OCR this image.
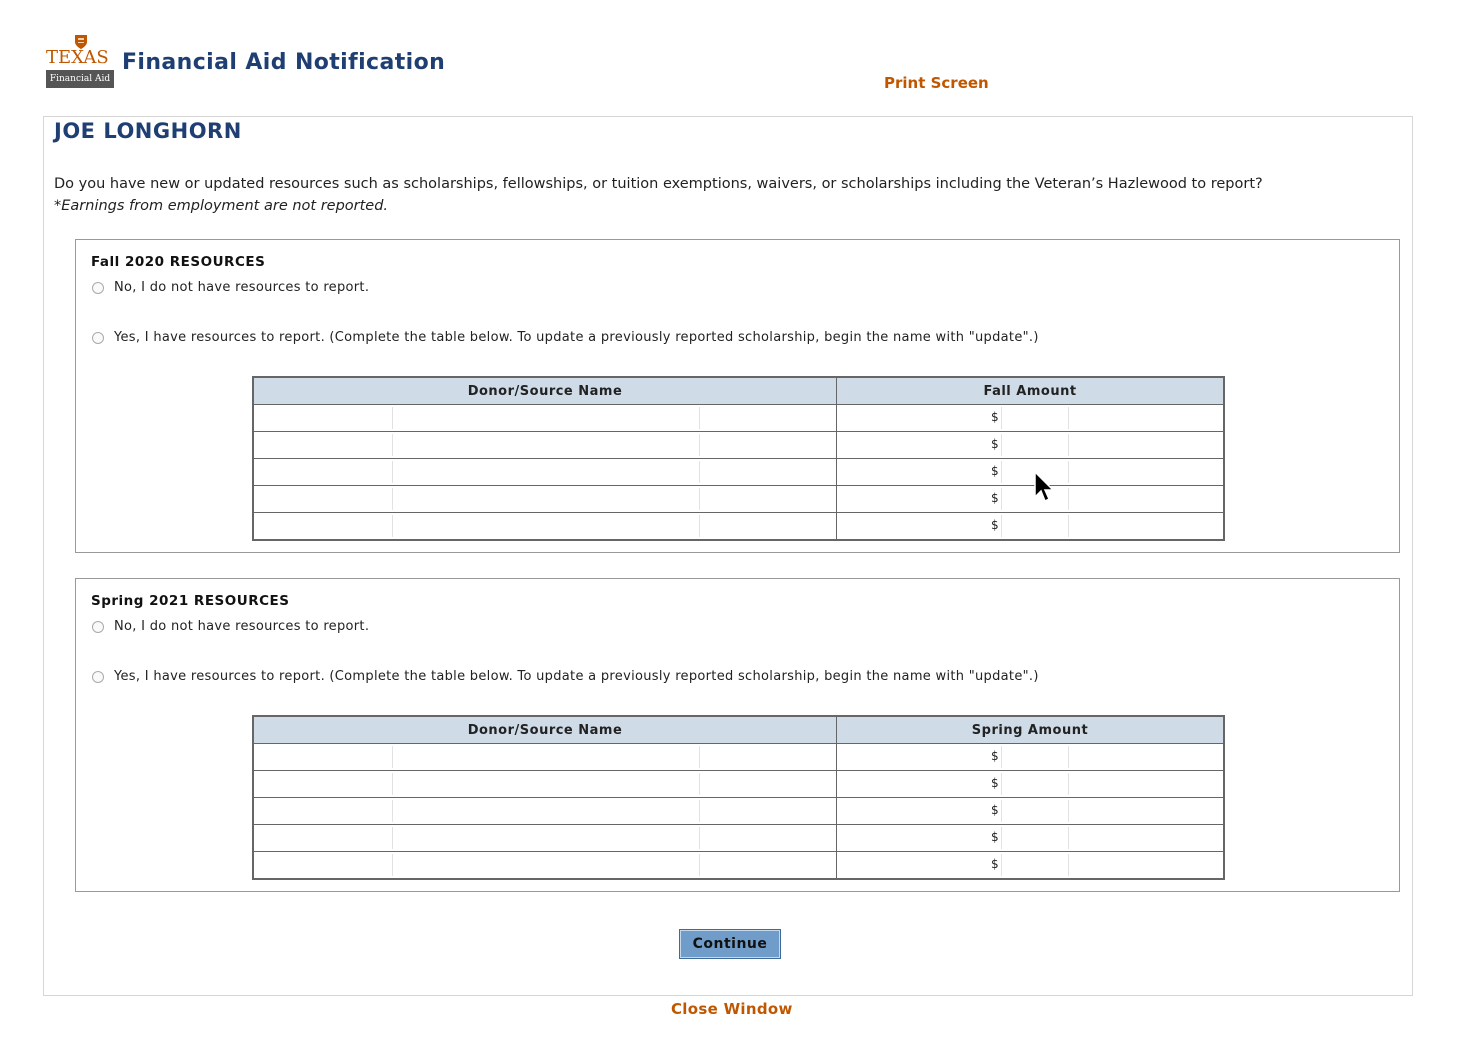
TEXAS
Financial Aid
Financial Aid Notification
Print Screen
JOE LONGHORN
Do you have new or updated resources such as scholarships, fellowships, or tuition exemptions, waivers, or scholarships including the Veteran’s Hazlewood to report?
*Earnings from employment are not reported.
Fall 2020 RESOURCES
No, I do not have resources to report.
Yes, I have resources to report. (Complete the table below. To update a previously reported scholarship, begin the name with "update".)
Donor/Source Name	Fall Amount

	$

	$

	$

	$

	$
Spring 2021 RESOURCES
No, I do not have resources to report.
Yes, I have resources to report. (Complete the table below. To update a previously reported scholarship, begin the name with "update".)
Donor/Source Name	Spring Amount

	$

	$

	$

	$

	$
Continue
Close Window
